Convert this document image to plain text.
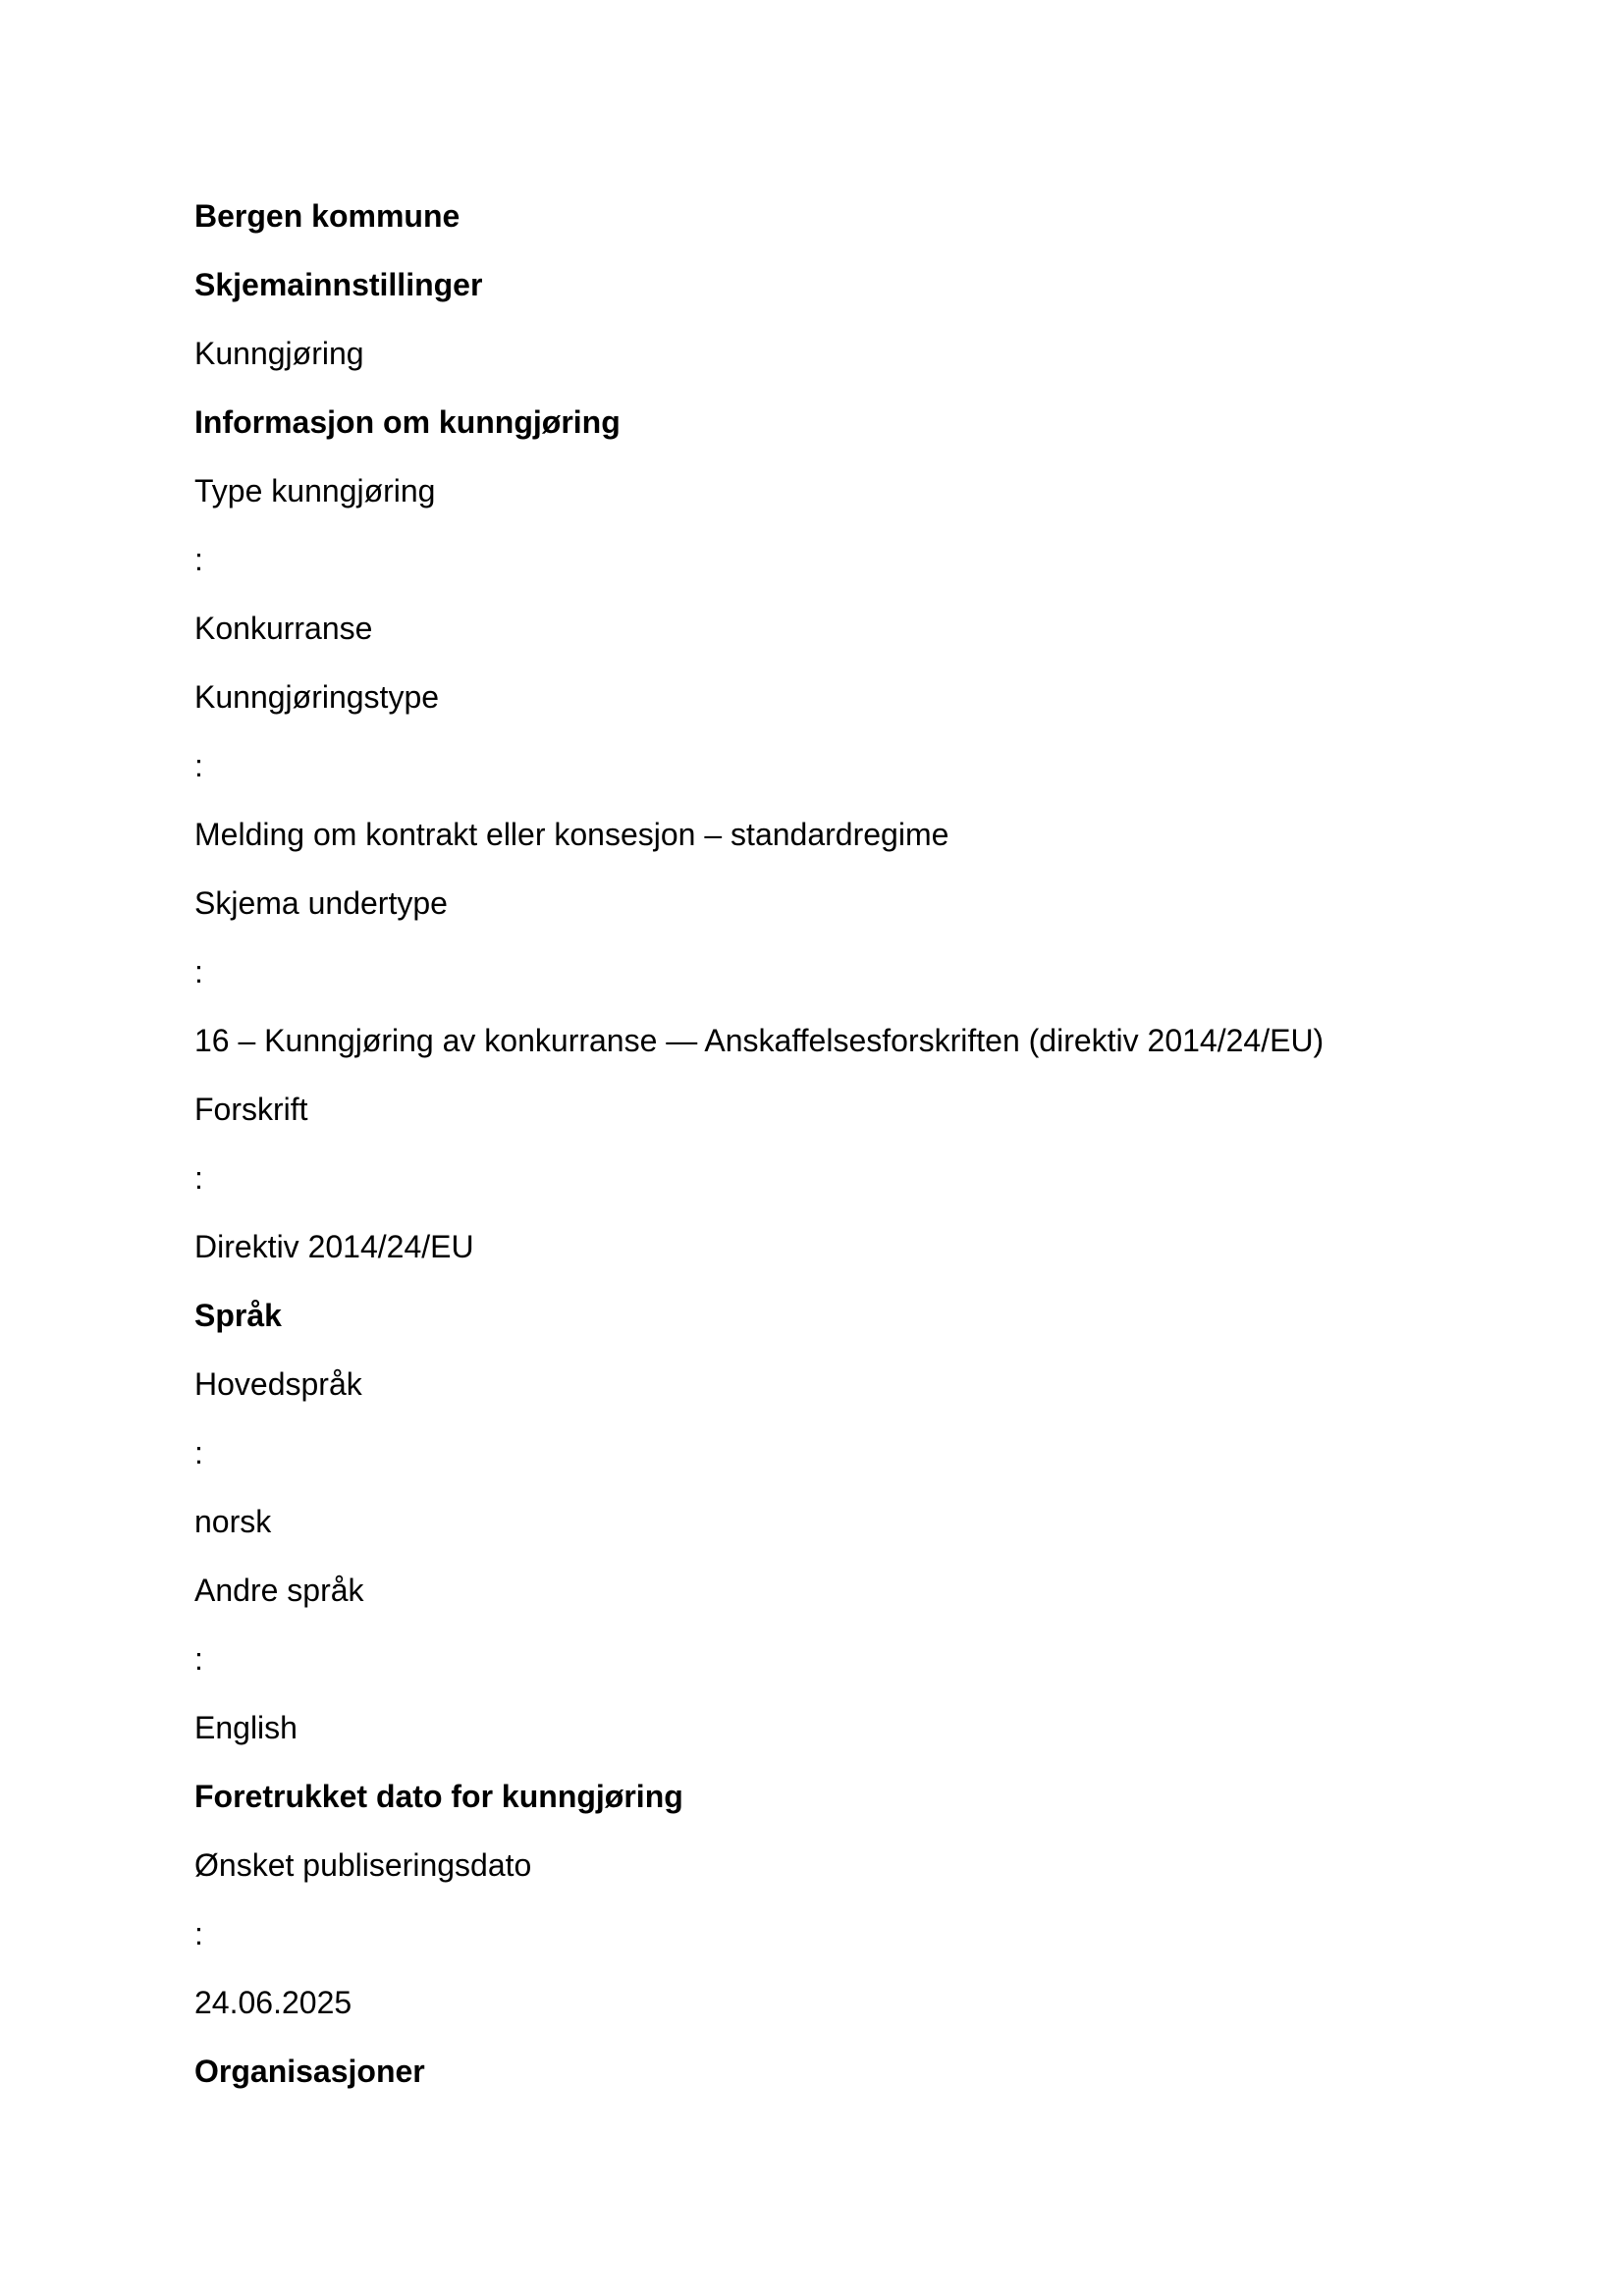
Bergen kommune
Skjemainnstillinger
Kunngjøring
Informasjon om kunngjøring
Type kunngjøring
:
Konkurranse
Kunngjøringstype
:
Melding om kontrakt eller konsesjon – standardregime
Skjema undertype
:
16 – Kunngjøring av konkurranse — Anskaffelsesforskriften (direktiv 2014/24/EU)
Forskrift
:
Direktiv 2014/24/EU
Språk
Hovedspråk
:
norsk
Andre språk
:
English
Foretrukket dato for kunngjøring
Ønsket publiseringsdato
:
24.06.2025
Organisasjoner
